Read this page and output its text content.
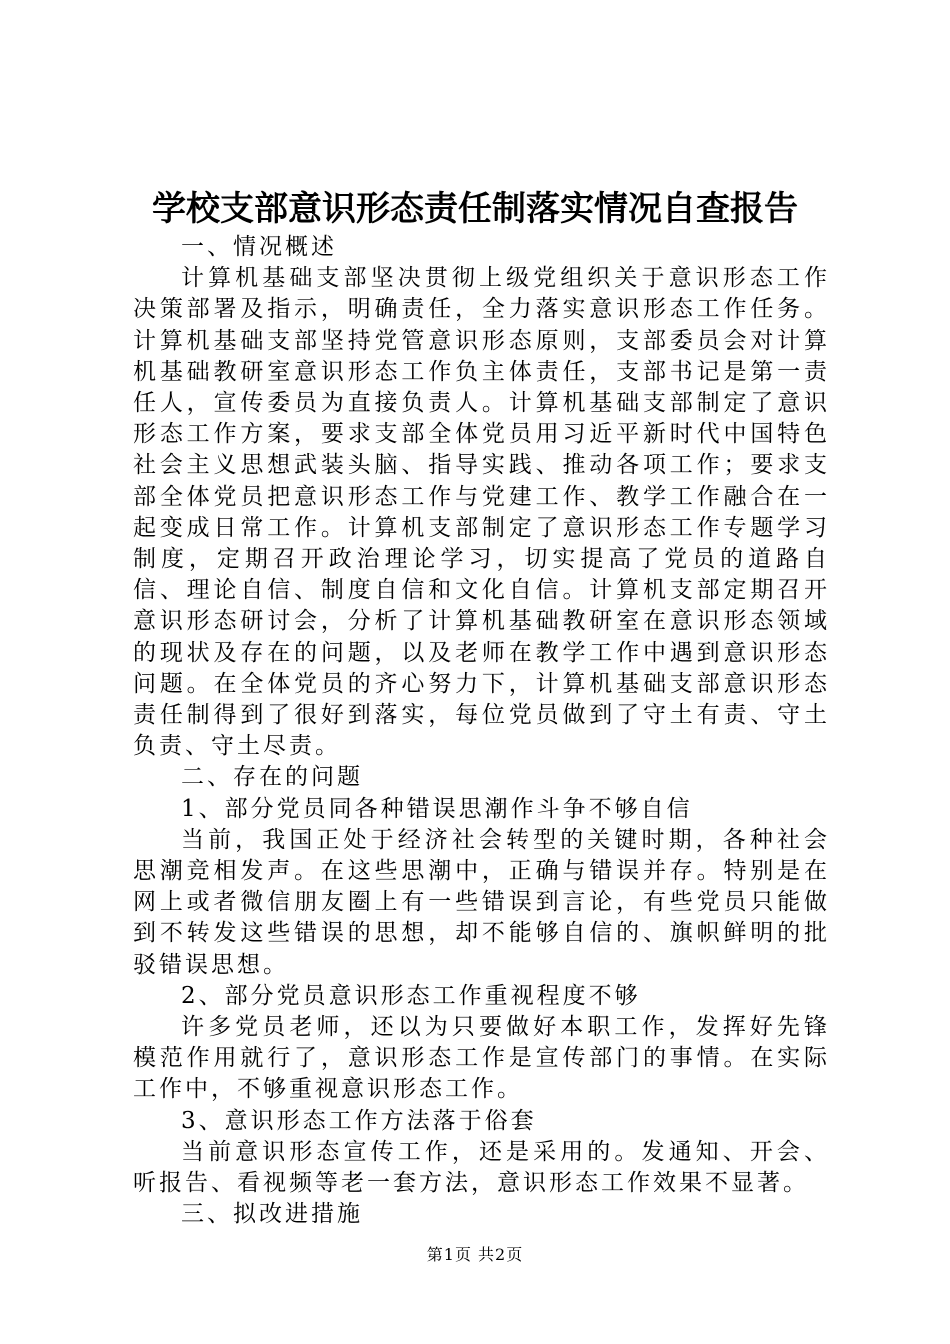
学校支部意识形态责任制落实情况自查报告

一、情况概述

计算机基础支部坚决贯彻上级党组织关于意识形态工作决策部署及指示，明确责任，全力落实意识形态工作任务。计算机基础支部坚持党管意识形态原则，支部委员会对计算机基础教研室意识形态工作负主体责任，支部书记是第一责任人，宣传委员为直接负责人。计算机基础支部制定了意识形态工作方案，要求支部全体党员用习近平新时代中国特色社会主义思想武装头脑、指导实践、推动各项工作；要求支部全体党员把意识形态工作与党建工作、教学工作融合在一起变成日常工作。计算机支部制定了意识形态工作专题学习制度，定期召开政治理论学习，切实提高了党员的道路自信、理论自信、制度自信和文化自信。计算机支部定期召开意识形态研讨会，分析了计算机基础教研室在意识形态领域的现状及存在的问题，以及老师在教学工作中遇到意识形态问题。在全体党员的齐心努力下，计算机基础支部意识形态责任制得到了很好到落实，每位党员做到了守土有责、守土负责、守土尽责。

二、存在的问题

1、部分党员同各种错误思潮作斗争不够自信

当前，我国正处于经济社会转型的关键时期，各种社会思潮竞相发声。在这些思潮中，正确与错误并存。特别是在网上或者微信朋友圈上有一些错误到言论，有些党员只能做到不转发这些错误的思想，却不能够自信的、旗帜鲜明的批驳错误思想。

2、部分党员意识形态工作重视程度不够

许多党员老师，还以为只要做好本职工作，发挥好先锋模范作用就行了，意识形态工作是宣传部门的事情。在实际工作中，不够重视意识形态工作。

3、意识形态工作方法落于俗套

当前意识形态宣传工作，还是采用的。发通知、开会、听报告、看视频等老一套方法，意识形态工作效果不显著。

三、拟改进措施

第1页 共2页
